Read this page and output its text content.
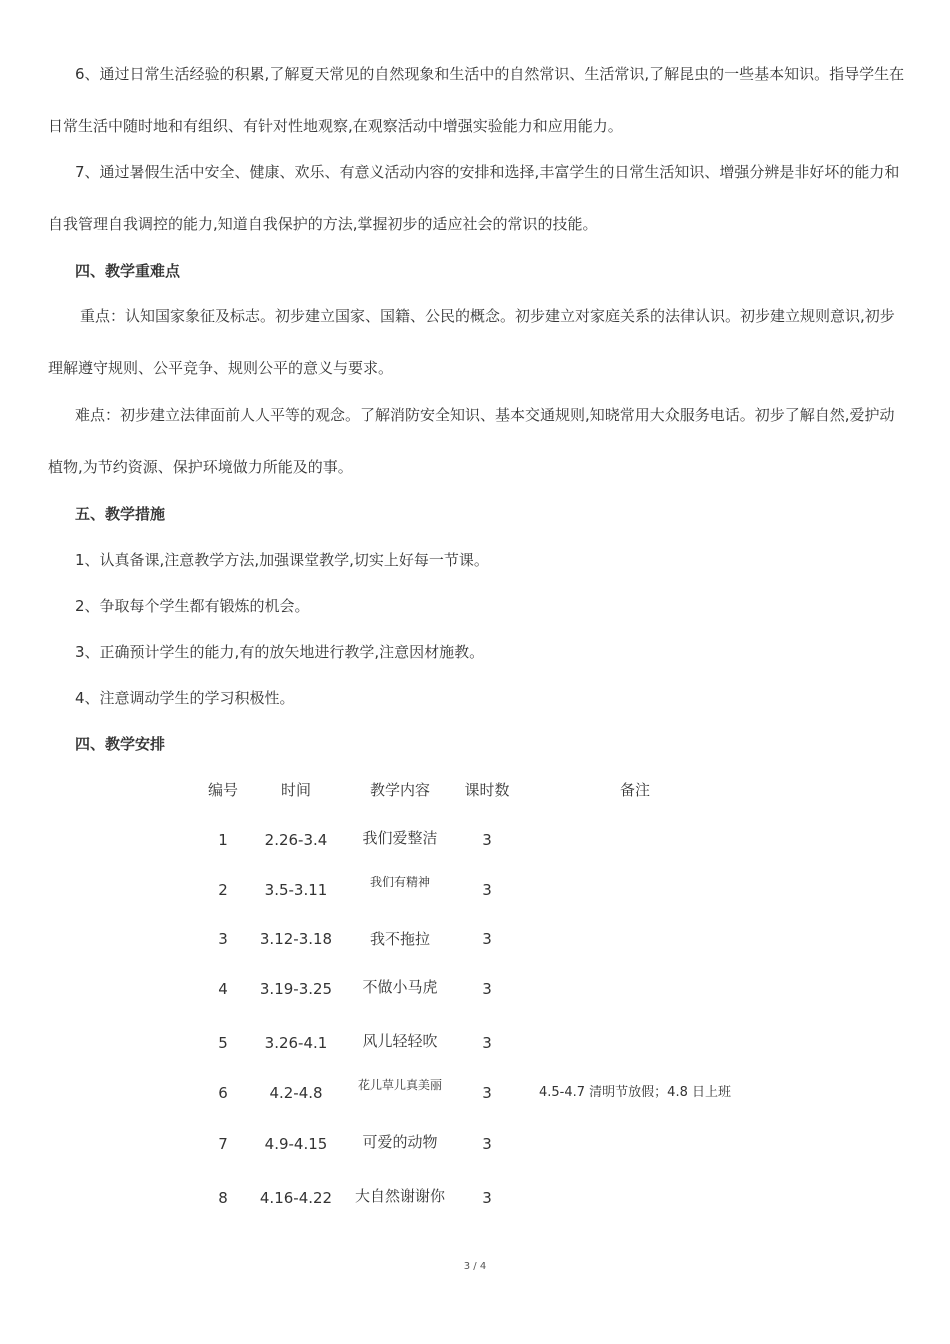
6、通过日常生活经验的积累,了解夏天常见的自然现象和生活中的自然常识、生活常识,了解昆虫的一些基本知识。指导学生在日常生活中随时地和有组织、有针对性地观察,在观察活动中增强实验能力和应用能力。

7、通过暑假生活中安全、健康、欢乐、有意义活动内容的安排和选择,丰富学生的日常生活知识、增强分辨是非好坏的能力和自我管理自我调控的能力,知道自我保护的方法,掌握初步的适应社会的常识的技能。

四、教学重难点

重点：认知国家象征及标志。初步建立国家、国籍、公民的概念。初步建立对家庭关系的法律认识。初步建立规则意识,初步理解遵守规则、公平竞争、规则公平的意义与要求。

难点：初步建立法律面前人人平等的观念。了解消防安全知识、基本交通规则,知晓常用大众服务电话。初步了解自然,爱护动植物,为节约资源、保护环境做力所能及的事。

五、教学措施

1、认真备课,注意教学方法,加强课堂教学,切实上好每一节课。

2、争取每个学生都有锻炼的机会。

3、正确预计学生的能力,有的放矢地进行教学,注意因材施教。

4、注意调动学生的学习积极性。

四、教学安排

编号	时间	教学内容	课时数	备注
1	2.26-3.4	我们爱整洁	3
2	3.5-3.11	我们有精神	3
3	3.12-3.18	我不拖拉	3
4	3.19-3.25	不做小马虎	3
5	3.26-4.1	风儿轻轻吹	3
6	4.2-4.8	花儿草儿真美丽	3	4.5-4.7 清明节放假；4.8 日上班
7	4.9-4.15	可爱的动物	3
8	4.16-4.22	大自然谢谢你	3
3 / 4
